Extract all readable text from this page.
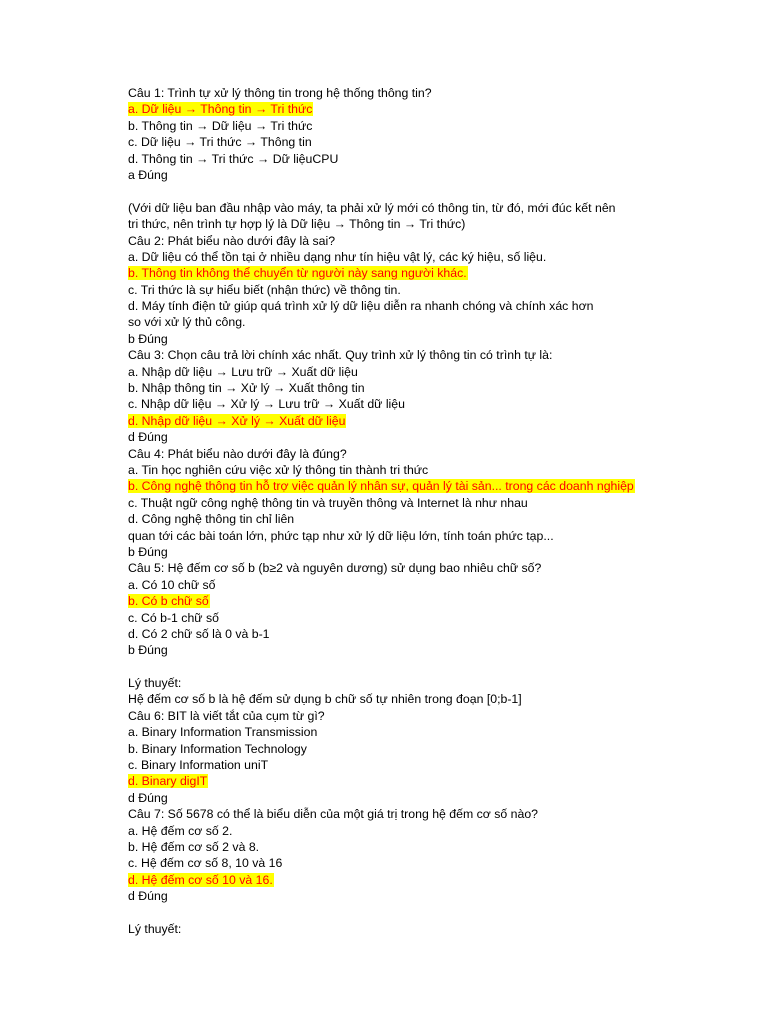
Câu 1: Trình tự xử lý thông tin trong hệ thống thông tin?
a. Dữ liệu → Thông tin → Tri thức
b. Thông tin → Dữ liệu → Tri thức
c. Dữ liệu → Tri thức → Thông tin
d. Thông tin → Tri thức → Dữ liệuCPU
a Đúng
(Với dữ liệu ban đầu nhập vào máy, ta phải xử lý mới có thông tin, từ đó, mới đúc kết nên
tri thức, nên trình tự hợp lý là Dữ liệu → Thông tin → Tri thức)
Câu 2: Phát biểu nào dưới đây là sai?
a. Dữ liệu có thể tồn tại ở nhiều dạng như tín hiệu vật lý, các ký hiệu, số liệu.
b. Thông tin không thể chuyển từ người này sang người khác.
c. Tri thức là sự hiểu biết (nhận thức) về thông tin.
d. Máy tính điện tử giúp quá trình xử lý dữ liệu diễn ra nhanh chóng và chính xác hơn
so với xử lý thủ công.
b Đúng
Câu 3: Chọn câu trả lời chính xác nhất. Quy trình xử lý thông tin có trình tự là:
a. Nhập dữ liệu → Lưu trữ → Xuất dữ liệu
b. Nhập thông tin → Xử lý → Xuất thông tin
c. Nhập dữ liệu → Xử lý → Lưu trữ → Xuất dữ liệu
d. Nhập dữ liệu → Xử lý → Xuất dữ liệu
d Đúng
Câu 4: Phát biểu nào dưới đây là đúng?
a. Tin học nghiên cứu việc xử lý thông tin thành tri thức
b. Công nghệ thông tin hỗ trợ việc quản lý nhân sự, quản lý tài sản... trong các doanh nghiệp
c. Thuật ngữ công nghệ thông tin và truyền thông và Internet là như nhau
d. Công nghệ thông tin chỉ liên
quan tới các bài toán lớn, phức tạp như xử lý dữ liệu lớn, tính toán phức tạp...
b Đúng
Câu 5: Hệ đếm cơ số b (b≥2 và nguyên dương) sử dụng bao nhiêu chữ số?
a. Có 10 chữ số
b. Có b chữ số
c. Có b-1 chữ số
d. Có 2 chữ số là 0 và b-1
b Đúng
Lý thuyết:
Hệ đếm cơ số b là hệ đếm sử dụng b chữ số tự nhiên trong đoạn [0;b-1]
Câu 6: BIT là viết tắt của cụm từ gì?
a. Binary Information Transmission
b. Binary Information Technology
c. Binary Information uniT
d. Binary digIT
d Đúng
Câu 7: Số 5678 có thể là biểu diễn của một giá trị trong hệ đếm cơ số nào?
a. Hệ đếm cơ số 2.
b. Hệ đếm cơ số 2 và 8.
c. Hệ đếm cơ số 8, 10 và 16
d. Hệ đếm cơ số 10 và 16.
d Đúng
Lý thuyết:
